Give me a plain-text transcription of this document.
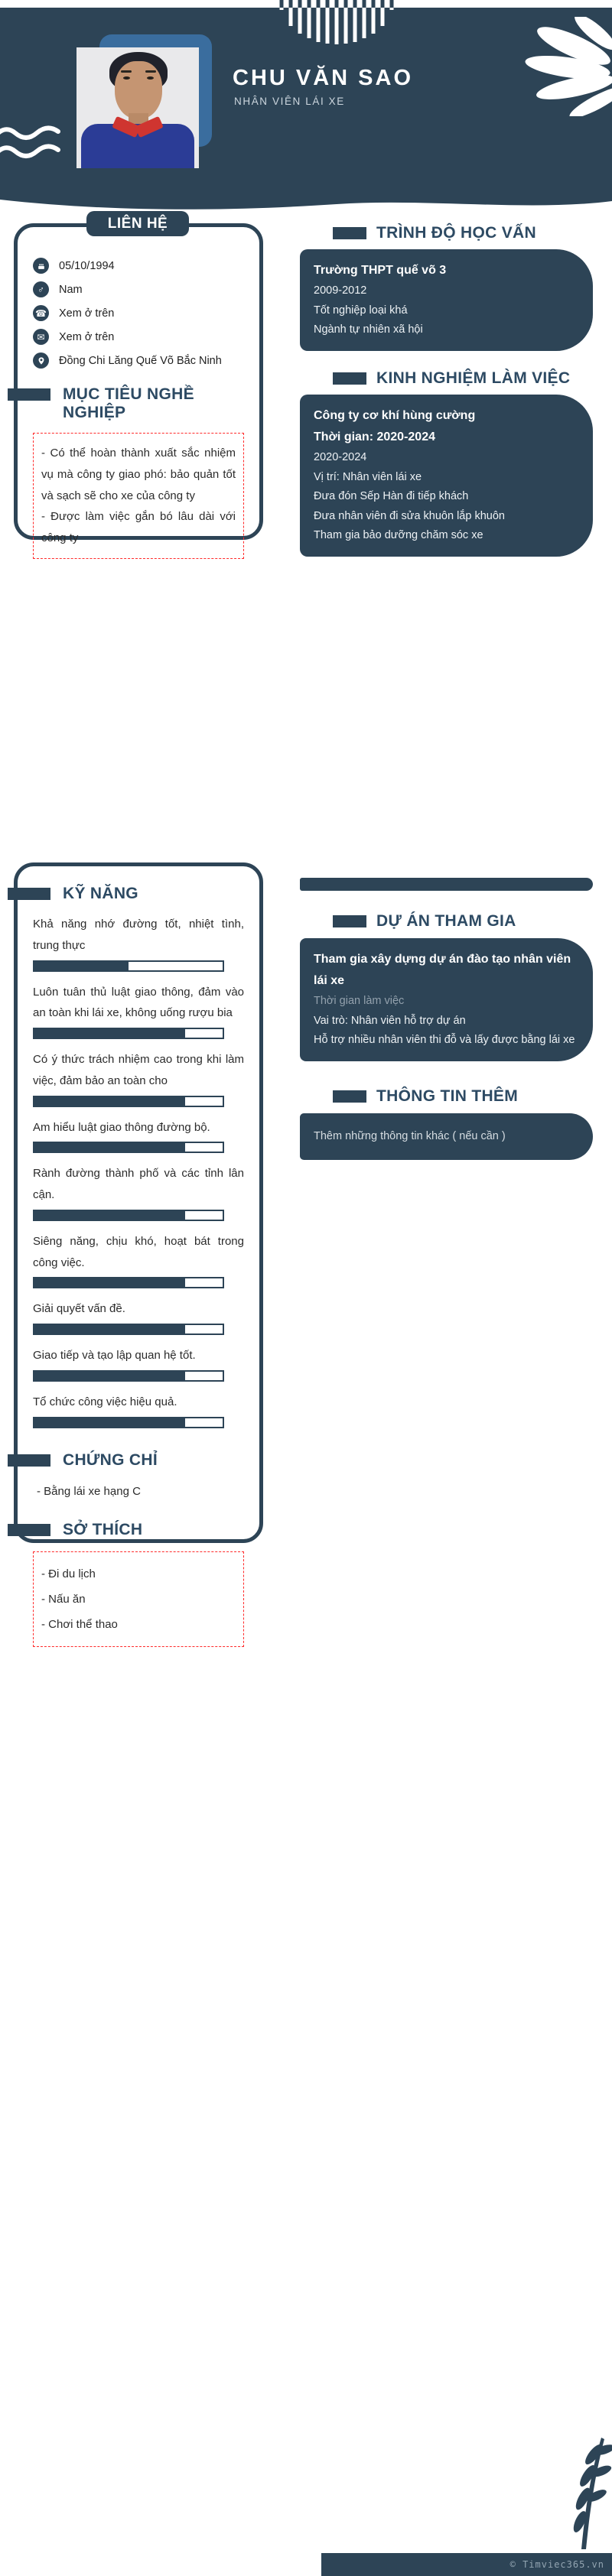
CHU VĂN SAO
NHÂN VIÊN LÁI XE
LIÊN HỆ
05/10/1994
♂	Nam
☎ Xem ở trên
✉	Xem ở trên
Đồng Chi Lăng Quế Võ Bắc Ninh
MỤC TIÊU NGHỀ NGHIỆP
- Có thể hoàn thành xuất sắc nhiệm vụ mà công ty giao phó: bảo quản tốt và sạch sẽ cho xe của công ty
- Được làm việc gắn bó lâu dài với công ty
TRÌNH ĐỘ HỌC VẤN
Trường THPT quế võ 3
2009-2012
Tốt nghiệp loại khá
Ngành tự nhiên xã hội
KINH NGHIỆM LÀM VIỆC
Công ty cơ khí hùng cường
Thời gian: 2020-2024
2020-2024
Vị trí: Nhân viên lái xe
Đưa đón Sếp Hàn đi tiếp khách
Đưa nhân viên đi sửa khuôn lắp khuôn
Tham gia bảo dưỡng chăm sóc xe
KỸ NĂNG
Khả năng nhớ đường tốt, nhiệt tình, trung thực
Luôn tuân thủ luật giao thông, đảm vào an toàn khi lái xe, không uống rượu bia
Có ý thức trách nhiệm cao trong khi làm việc, đảm bảo an toàn cho
Am hiểu luật giao thông đường bộ.
Rành đường thành phố và các tỉnh lân cận.
Siêng năng, chịu khó, hoạt bát trong công việc.
Giải quyết vấn đề.
Giao tiếp và tạo lập quan hệ tốt.
Tổ chức công việc hiệu quả.
CHỨNG CHỈ
- Bằng lái xe hạng C
SỞ THÍCH
- Đi du lịch
- Nấu ăn
- Chơi thể thao
DỰ ÁN THAM GIA
Tham gia xây dựng dự án đào tạo nhân viên lái xe
Thời gian làm việc
Vai trò: Nhân viên hỗ trợ dự án
Hỗ trợ nhiều nhân viên thi đỗ và lấy được bằng lái xe
THÔNG TIN THÊM
Thêm những thông tin khác ( nếu cần )
© Timviec365.vn
